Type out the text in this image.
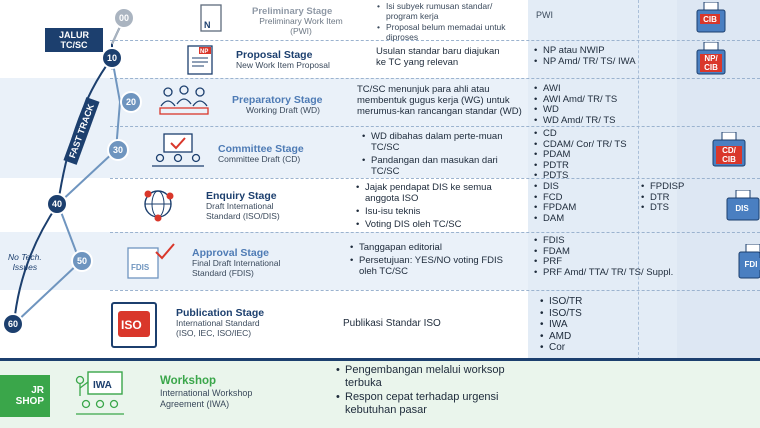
JALUR
TC/SC
FAST TRACK
No Tech.
Issues
00
10
20
30
40
50
60
N
NP
FDIS
ISO
IWA
Preliminary Stage
Preliminary Work Item
(PWI)
Proposal Stage
New Work Item Proposal
Preparatory Stage
Working Draft (WD)
Committee Stage
Committee Draft (CD)
Enquiry Stage
Draft International
Standard (ISO/DIS)
Approval Stage
Final Draft International
Standard (FDIS)
Publication Stage
International Standard
(ISO, IEC, ISO/IEC)
Workshop
International Workshop
Agreement (IWA)
• Isi subyek rumusan standar/ program kerja
• Proposal belum memadai untuk diproses
Usulan standar baru diajukan ke TC yang relevan
TC/SC menunjuk para ahli atau membentuk gugus kerja (WG) untuk merumus-kan rancangan standar (WD)
• WD dibahas dalam perte-muan TC/SC
• Pandangan dan masukan dari TC/SC
• Jajak pendapat DIS ke semua anggota ISO
• Isu-isu teknis
• Voting DIS oleh TC/SC
• Tanggapan editorial
• Persetujuan: YES/NO voting FDIS oleh TC/SC
Publikasi Standar ISO
• Pengembangan melalui worksop terbuka
• Respon cepat terhadap urgensi kebutuhan pasar
PWI
• NP atau NWIP
• NP Amd/ TR/ TS/ IWA
• AWI
• AWI Amd/ TR/ TS
• WD
• WD Amd/ TR/ TS
• CD
• CDAM/ Cor/ TR/ TS
• PDAM
• PDTR
• PDTS
• DIS
• FCD
• FPDAM
• DAM
• FPDISP
• DTR
• DTS
• FDIS
• FDAM
• PRF
• PRF Amd/ TTA/ TR/ TS/ Suppl.
• ISO/TR
• ISO/TS
• IWA
• AMD
• Cor
CIB
NP/
CIB
CD/
CIB
DIS
FDI
JR
SHOP
